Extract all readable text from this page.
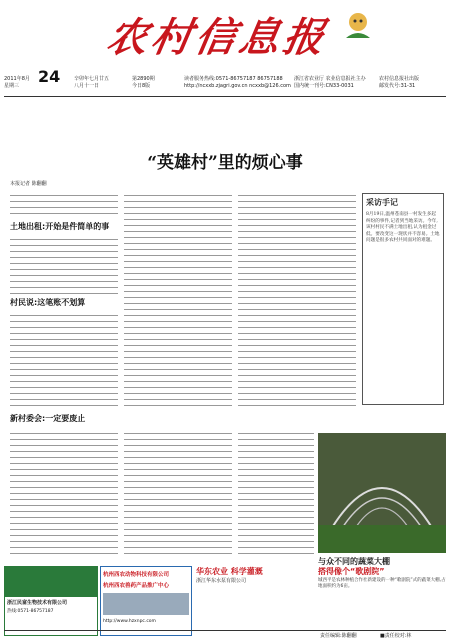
农村信息报
2011年8月 24
星期三
辛卯年七月廿五
八月十一日
第2890期
今日8版
读者服务热线:0571-86757187 86757188
http://ncxxb.zjagri.gov.cn ncxxb@126.com
浙江省农业厅 农业信息报社主办
国内统一刊号:CN33-0031
农村信息报社出版
邮发代号:31-31
“英雄村”里的烦心事
本报记者 陈翻翻
土地出租:开始是件简单的事
村民说:这笔账不划算
新村委会:一定要废止
采访手记
8月19日,温州苍南县一村发生多起纠纷的事件,记者到当地采访。今年,该村村民不满土地出租,认为租金过低。要改变这一现状并不容易。土地问题是很多农村共同面对的难题。
与众不同的蔬菜大棚
搭得像个“歌剧院”
城西平是农林种植合作社新建设的一种“歌剧院”式的蔬菜大棚,占地面积约为6亩。
浙江民富生物技术有限公司
热线:0571-86757187
杭州西农动物科技有限公司
杭州西农兽药产品推广中心
http://www.hzxnpc.com
华东农业 科学灌溉
浙江华东水泵有限公司
责任编辑:陈翻翻	■责任校对:林
